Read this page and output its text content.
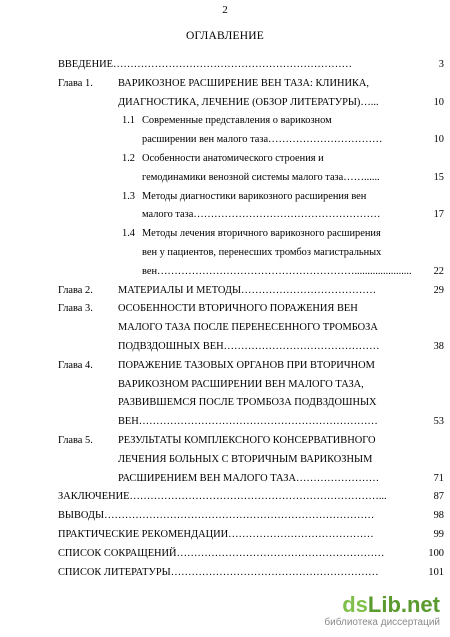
2
ОГЛАВЛЕНИЕ
ВВЕДЕНИЕ……………………………………………………………			3
Глава 1.	ВАРИКОЗНОЕ РАСШИРЕНИЕ ВЕН ТАЗА: КЛИНИКА,		
	ДИАГНОСТИКА, ЛЕЧЕНИЕ (ОБЗОР ЛИТЕРАТУРЫ)…...		10
	1.1	Современные представления о варикозном	
		расширении вен малого таза……………………………	10
	1.2	Особенности анатомического строения и	
		гемодинамики венозной системы малого таза……......	15
	1.3	Методы диагностики варикозного расширения вен	
		малого таза………………………………………………	17
	1.4	Методы лечения вторичного варикозного расширения	
		вен у пациентов, перенесших тромбоз магистральных	
		вен…………………………………………………......................	22
Глава 2.	МАТЕРИАЛЫ И МЕТОДЫ…………………………………		29
Глава 3.	ОСОБЕННОСТИ ВТОРИЧНОГО ПОРАЖЕНИЯ ВЕН		
	МАЛОГО ТАЗА ПОСЛЕ ПЕРЕНЕСЕННОГО ТРОМБОЗА		
	ПОДВЗДОШНЫХ ВЕН………………………………………		38
Глава 4.	ПОРАЖЕНИЕ ТАЗОВЫХ ОРГАНОВ ПРИ ВТОРИЧНОМ		
	ВАРИКОЗНОМ РАСШИРЕНИИ ВЕН МАЛОГО ТАЗА,		
	РАЗВИВШЕМСЯ ПОСЛЕ ТРОМБОЗА ПОДВЗДОШНЫХ		
	ВЕН……………………………………………………………		53
Глава 5.	РЕЗУЛЬТАТЫ КОМПЛЕКСНОГО КОНСЕРВАТИВНОГО		
	ЛЕЧЕНИЯ БОЛЬНЫХ С ВТОРИЧНЫМ ВАРИКОЗНЫМ		
	РАСШИРЕНИЕМ ВЕН МАЛОГО ТАЗА……………………		71
ЗАКЛЮЧЕНИЕ………………………………………………………………...			87
ВЫВОДЫ……………………………………………………………………			98
ПРАКТИЧЕСКИЕ РЕКОМЕНДАЦИИ……………………………………			99
СПИСОК СОКРАЩЕНИЙ……………………………………………………			100
СПИСОК ЛИТЕРАТУРЫ……………………………………………………			101
dsLib.net
библиотека диссертаций
